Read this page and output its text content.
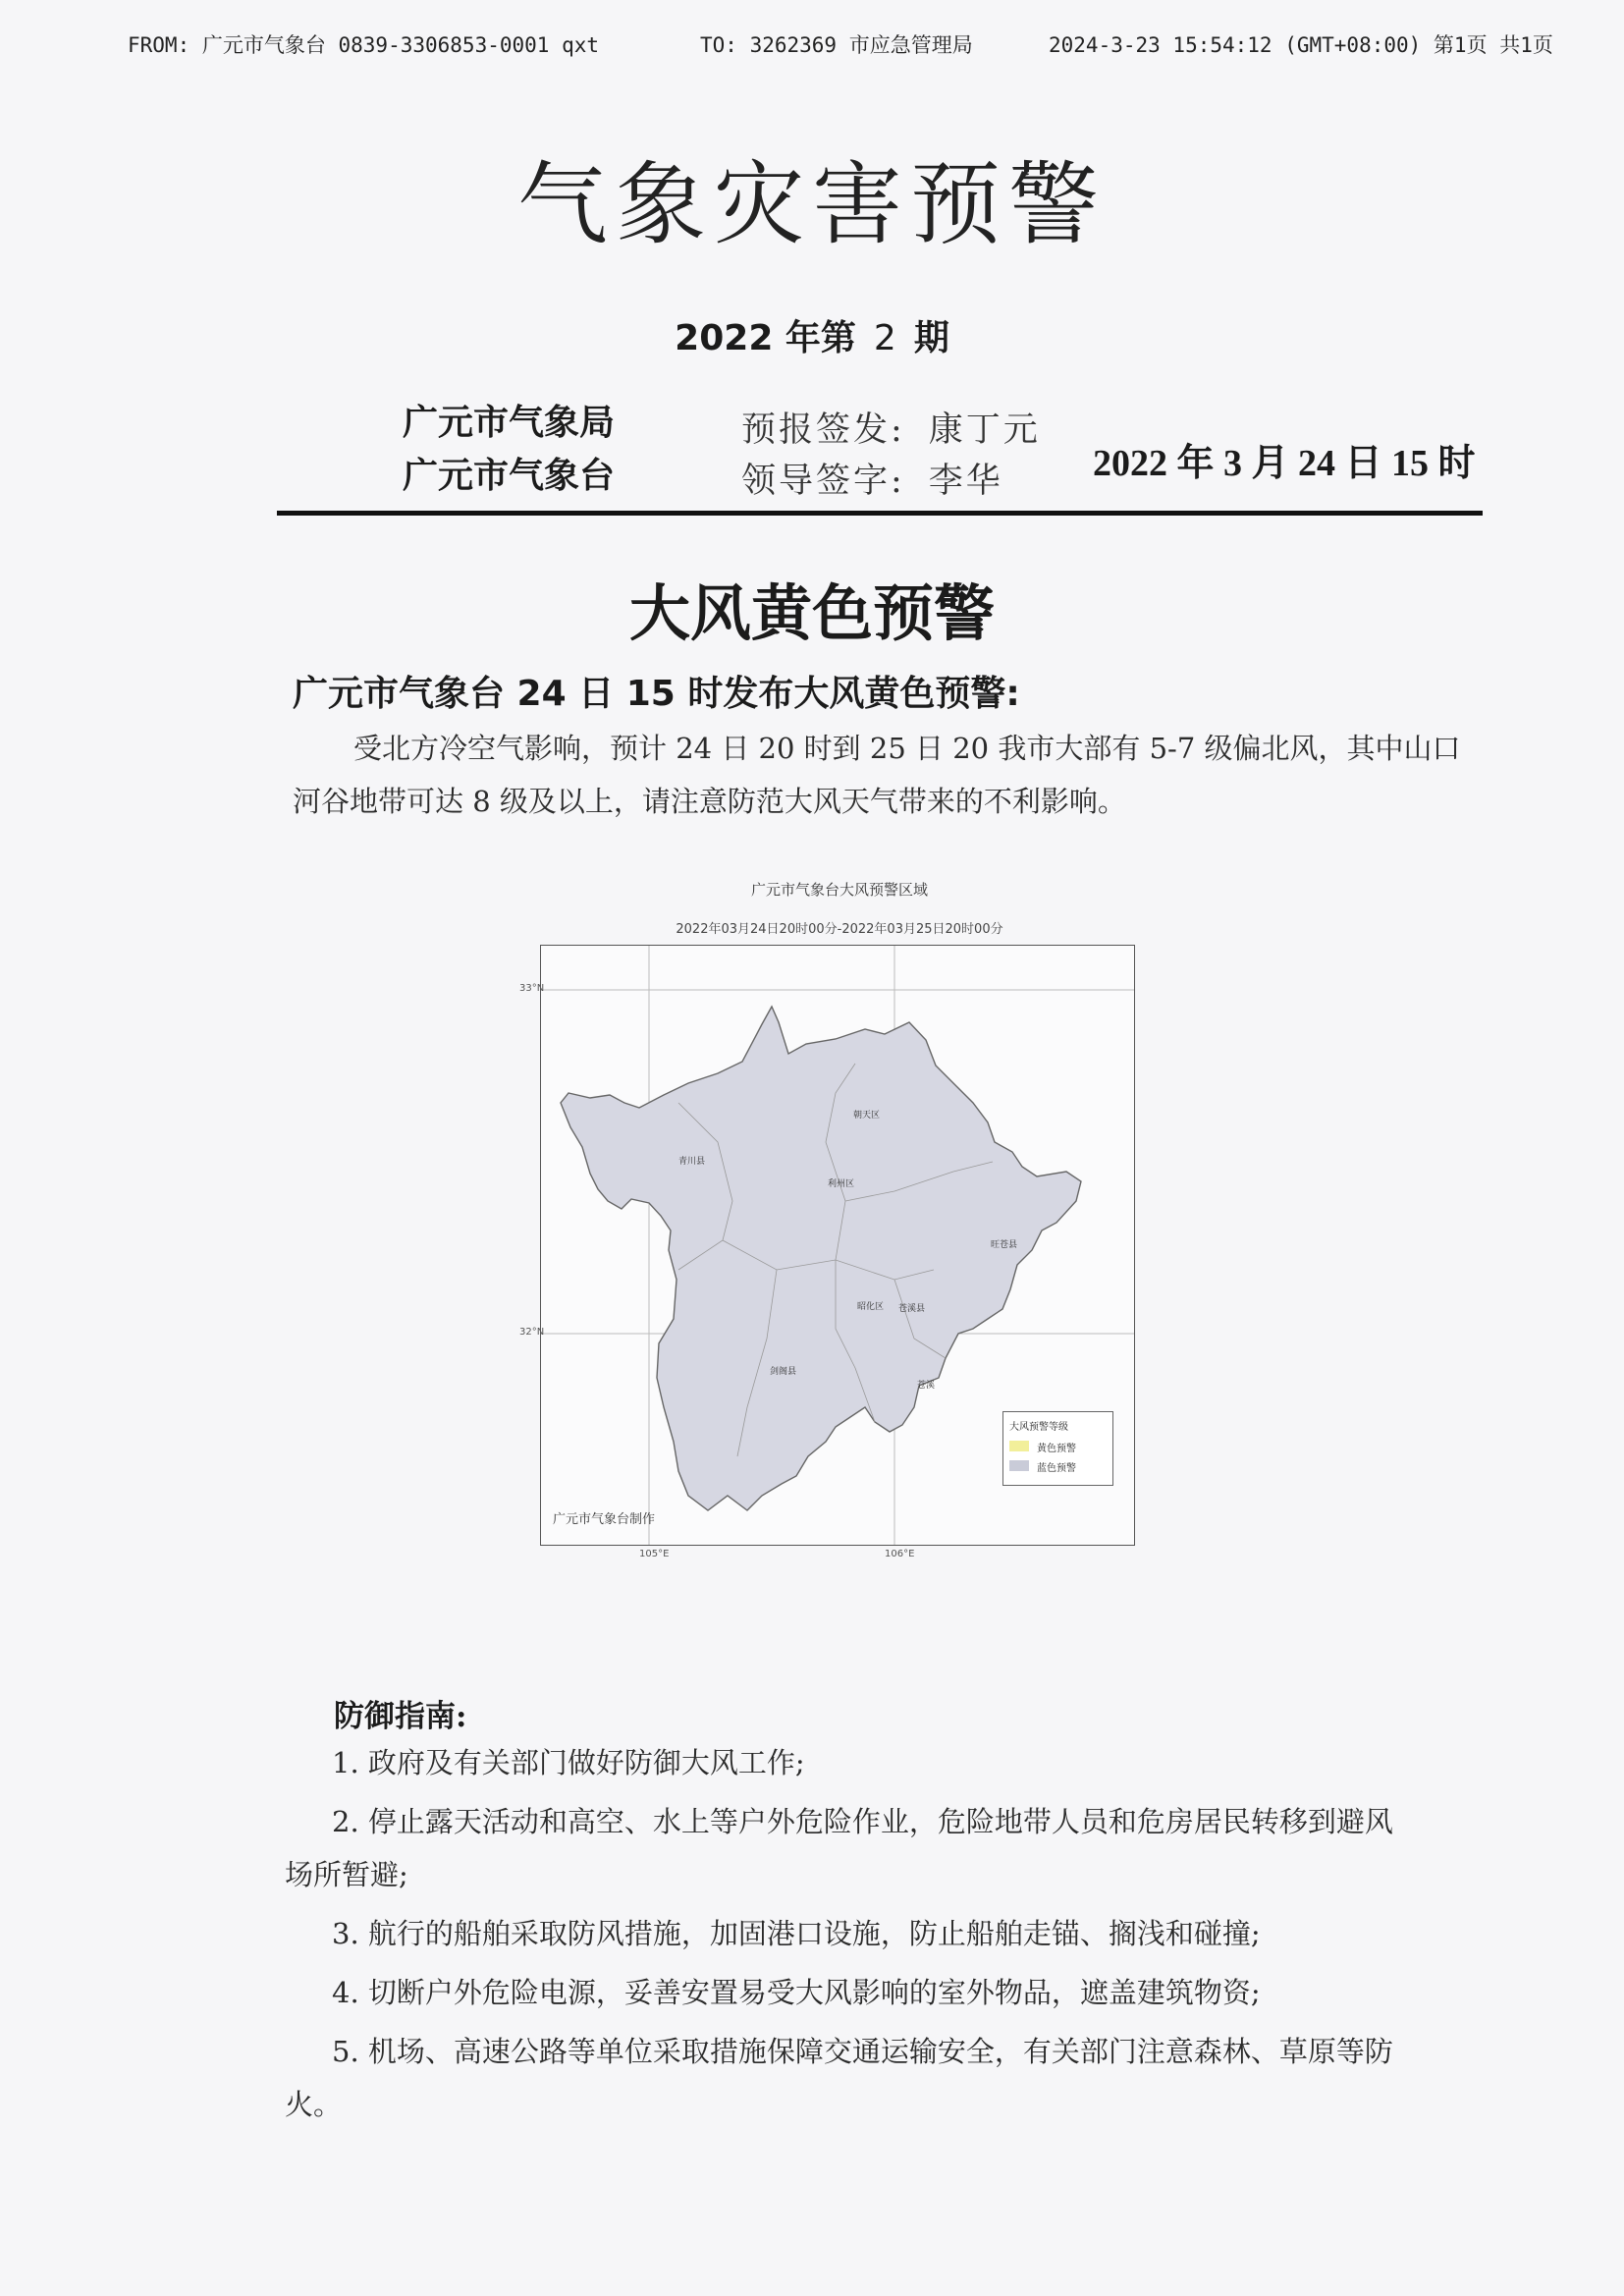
FROM: 广元市气象台 0839-3306853-0001 qxt	TO: 3262369 市应急管理局	2024-3-23 15:54:12 (GMT+08:00) 第1页 共1页
气象灾害预警
2022 年第 2 期
广元市气象局
广元市气象台
预报签发: 康丁元
领导签字: 李华 2022 年 3 月 24 日 15 时
大风黄色预警
广元市气象台 24 日 15 时发布大风黄色预警:
受北方冷空气影响，预计 24 日 20 时到 25 日 20 我市大部有 5-7 级偏北风，其中山口河谷地带可达 8 级及以上，请注意防范大风天气带来的不利影响。
广元市气象台大风预警区域
2022年03月24日20时00分-2022年03月25日20时00分
33°N
32°N
105°E	106°E
青川县
朝天区
利州区
旺苍县
昭化区 苍溪县
剑阁县
苍溪
大风预警等级
黄色预警
蓝色预警
广元市气象台制作
防御指南:
1. 政府及有关部门做好防御大风工作;
2. 停止露天活动和高空、水上等户外危险作业，危险地带人员和危房居民转移到避风场所暂避;
3. 航行的船舶采取防风措施，加固港口设施，防止船舶走锚、搁浅和碰撞;
4. 切断户外危险电源，妥善安置易受大风影响的室外物品，遮盖建筑物资;
5. 机场、高速公路等单位采取措施保障交通运输安全，有关部门注意森林、草原等防火。
